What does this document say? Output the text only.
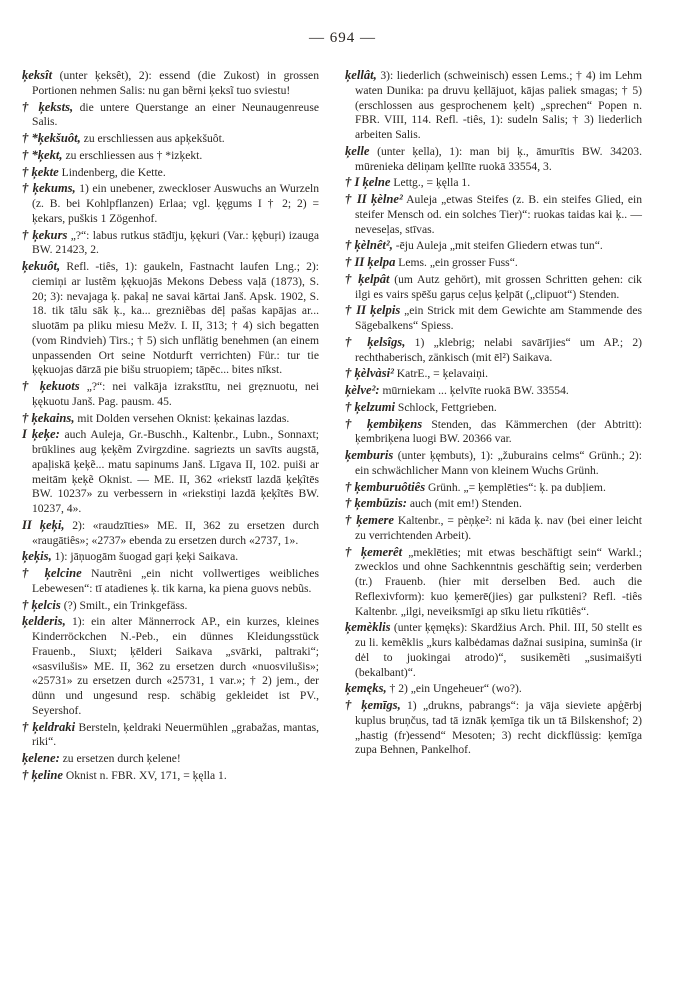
— 694 —
ķeksît (unter ķeksêt), 2): essend (die Zukost) in grossen Portionen nehmen Salis: nu gan bẽrni ķeksĩ tuo sviestu!
† ķeksts, die untere Querstange an einer Neunaugenreuse Salis.
† *ķekšuôt, zu erschliessen aus apķekšuôt.
† *ķekt, zu erschliessen aus † *izķekt.
† ķekte Lindenberg, die Kette.
† ķekums, 1) ein unebener, zweckloser Auswuchs an Wurzeln (z. B. bei Kohlpflanzen) Erlaa; vgl. ķęgums I † 2; 2) = ķekars, puškis 1 Zögenhof.
† ķekurs „?“: labus rutkus stādīju, ķękuri (Var.: ķębuŗi) izauga BW. 21423, 2.
ķekuôt, Refl. -tiês, 1): gaukeln, Fastnacht laufen Lng.; 2): ciemiņi ar lustẽm ķękuojās Mekons Debess vaļā (1873), S. 20; 3): nevajaga ķ. pakaļ ne savai kārtai Janš. Apsk. 1902, S. 18. tik tālu sāk ķ., ka... grezniẽbas dēļ pašas kapājas ar... sluotām pa pliku miesu Mežv. I. II, 313; † 4) sich begatten (vom Rindvieh) Tirs.; † 5) sich unflätig benehmen (an einem unpassenden Ort seine Notdurft verrichten) Für.: tur tie ķękuojas dārzā pie bišu struopiem; tāpēc... bites nīkst.
† ķekuots „?“: nei valkāja izrakstītu, nei grẹznuotu, nei ķękuotu Janš. Pag. pausm. 45.
† ķekains, mit Dolden versehen Oknist: ķekainas lazdas.
I ķeķe: auch Auleja, Gr.-Buschh., Kaltenbr., Lubn., Sonnaxt; brūklines aug ķeķẽm Zvirgzdine. sagriezts un savīts augstā, apaļiskā ķeķẽ... matu sapinums Janš. Līgava II, 102. puiši ar meitām ķeķẽ Oknist. — ME. II, 362 «riekstī lazdā ķeķĩtēs BW. 10237» zu verbessern in «riekstiņi lazdā ķeķĩtēs BW. 10237, 4».
II ķeķi, 2): «raudzīties» ME. II, 362 zu ersetzen durch «raugātiês»; «2737» ebenda zu ersetzen durch «2737, 1».
ķeķis, 1): jāņuogām šuogad gaŗi ķeķi Saikava.
† ķelcine Nautrẽni „ein nicht vollwertiges weibliches Lebewesen“: tī atadienes ķ. tik karna, ka piena guovs nebũs.
† ķelcis (?) Smilt., ein Trinkgefäss.
ķelderis, 1): ein alter Männerrock AP., ein kurzes, kleines Kinderröckchen N.-Peb., ein dünnes Kleidungsstück Frauenb., Siuxt; ķēlderi Saikava „svārki, paltraki“; «sasvilušis» ME. II, 362 zu ersetzen durch «nuosvilušis»; «25731» zu ersetzen durch «25731, 1 var.»; † 2) jem., der dünn und ungesund resp. schäbig gekleidet ist PV., Seyershof.
† ķeldraki Bersteln, ķeldraki Neuermühlen „grabažas, mantas, riki“.
ķelene: zu ersetzen durch ķelene!
† ķeline Oknist n. FBR. XV, 171, = ķęlla 1.
ķellât, 3): liederlich (schweinisch) essen Lems.; † 4) im Lehm waten Dunika: pa druvu ķellājuot, kājas paliek smagas; † 5) (erschlossen aus gesprochenem ķelt) „sprechen“ Popen n. FBR. VIII, 114. Refl. -tiês, 1): sudeln Salis; † 3) liederlich arbeiten Salis.
ķelle (unter ķella), 1): man bij ķ., āmurītis BW. 34203. mūrenieka dēliņam ķellīte ruokā 33554, 3.
† I ķelne Lettg., = ķęlla 1.
† II ķèlne² Auleja „etwas Steifes (z. B. ein steifes Glied, ein steifer Mensch od. ein solches Tier)“: ruokas taidas kai ķ.. — neveseļas, stīvas.
† ķèlnêt², -ēju Auleja „mit steifen Gliedern etwas tun“.
† II ķelpa Lems. „ein grosser Fuss“.
† ķelpât (um Autz gehört), mit grossen Schritten gehen: cik ilgi es vairs spēšu gaŗus ceļus ķelpāt („clipuot“) Stenden.
† II ķelpis „ein Strick mit dem Gewichte am Stammende des Sägebalkens“ Spiess.
† ķelsîgs, 1) „klebrig; nelabi savārījies“ um AP.; 2) rechthaberisch, zänkisch (mit ēl²) Saikava.
† ķèlvàsi² KatrE., = ķelavaiņi.
ķèlve²: mūrniekam ... ķelvīte ruokā BW. 33554.
† ķelzumi Schlock, Fettgrieben.
† ķembìķens Stenden, das Kämmerchen (der Abtritt): ķembriķena luogi BW. 20366 var.
ķemburis (unter ķęmbuts), 1): „žuburains celms“ Grünh.; 2): ein schwächlicher Mann von kleinem Wuchs Grünh.
† ķemburuôtiês Grünh. „= ķemplēties“: ķ. pa dubļiem.
† ķembūzis: auch (mit em!) Stenden.
† ķemere Kaltenbr., = pèņķe²: ni kāda ķ. nav (bei einer leicht zu verrichtenden Arbeit).
† ķemerêt „meklēties; mit etwas beschäftigt sein“ Warkl.; zwecklos und ohne Sachkenntnis geschäftig sein; verderben (tr.) Frauenb. (hier mit derselben Bed. auch die Reflexivform): kuo ķemerē(jies) gar pulksteni? Refl. -tiês Kaltenbr. „ilgi, neveiksmīgi ap sīku lietu rīkūtiês“.
ķemèklis (unter ķęmęks): Skardžius Arch. Phil. III, 50 stellt es zu li. kemẽklis „kurs kalbėdamas dažnai susipina, suminša (ir dėl to juokingai atrodo)“, susikemẽti „susimaišyti (bekalbant)“.
ķemęks, † 2) „ein Ungeheuer“ (wo?).
† ķemīgs, 1) „drukns, pabrangs“: ja vāja sieviete apģērbj kuplus bruņčus, tad tā iznāk ķemīga tik un tā Bilskenshof; 2) „hastig (fr)essend“ Mesoten; 3) recht dickflüssig: ķemīga zupa Behnen, Pankelhof.
